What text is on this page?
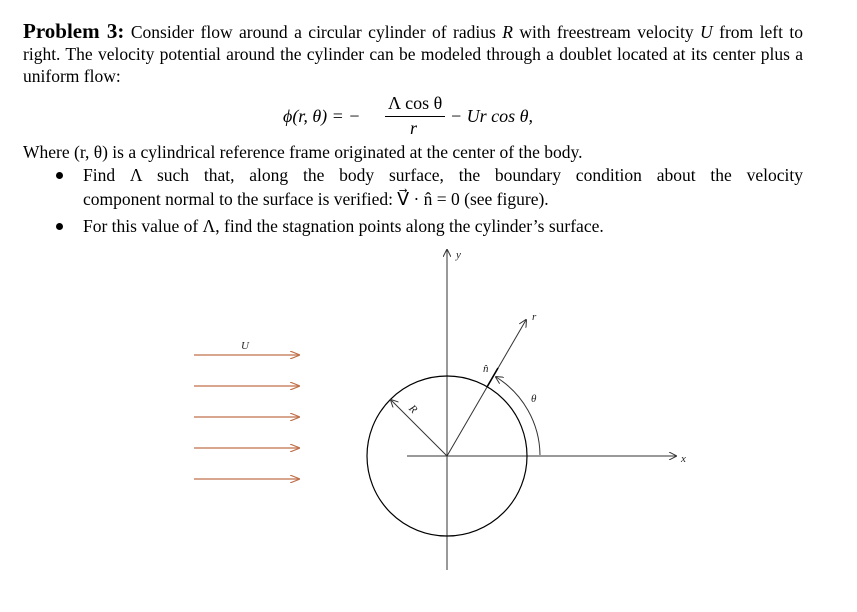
Problem 3: Consider flow around a circular cylinder of radius R with freestream velocity U from left to right. The velocity potential around the cylinder can be modeled through a doublet located at its center plus a uniform flow:
ϕ(r, θ) = −
Λ cos θ
r
− Ur cos θ,
Where (r, θ) is a cylindrical reference frame originated at the center of the body.
Find Λ such that, along the body surface, the boundary condition about the velocity
component normal to the surface is verified: V⃗ · n̂ = 0 (see figure).
For this value of Λ, find the stagnation points along the cylinder’s surface.
y
x
R
r
n̂
θ
U
